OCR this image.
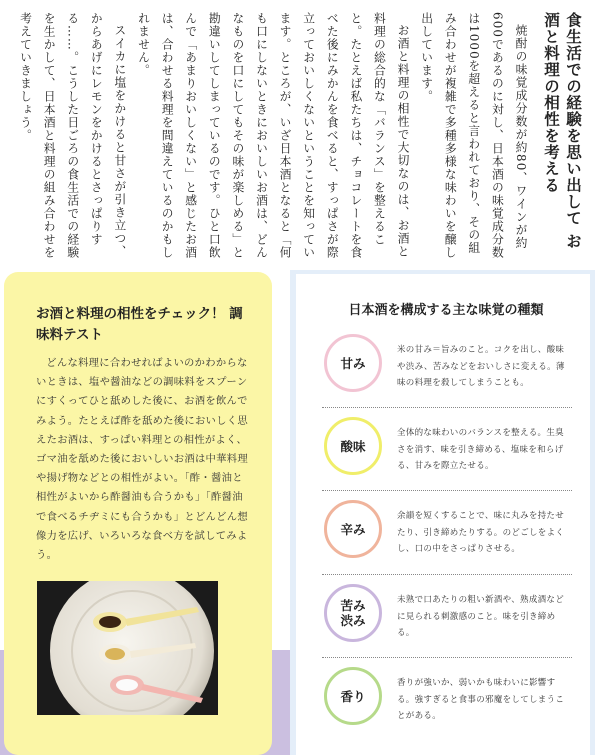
食生活での経験を思い出して お酒と料理の相性を考える

焼酎の味覚成分数が約80、ワインが約600であるのに対し、日本酒の味覚成分数は1000を超えると言われており、その組み合わせが複雑で多種多様な味わいを醸し出しています。

お酒と料理の相性で大切なのは、お酒と料理の総合的な「バランス」を整えること。たとえば私たちは、チョコレートを食べた後にみかんを食べると、すっぱさが際立っておいしくないということを知っています。ところが、いざ日本酒となると「何も口にしないときにおいしいお酒は、どんなものを口にしてもその味が楽しめる」と勘違いしてしまっているのです。ひと口飲んで「あまりおいしくない」と感じたお酒は、合わせる料理を間違えているのかもしれません。

スイカに塩をかけると甘さが引き立つ、からあげにレモンをかけるとさっぱりする……。こうした日ごろの食生活での経験を生かして、日本酒と料理の組み合わせを考えていきましょう。

お酒と料理の相性をチェック！ 調味料テスト

どんな料理に合わせればよいのかわからないときは、塩や醤油などの調味料をスプーンにすくってひと舐めした後に、お酒を飲んでみよう。たとえば酢を舐めた後においしく思えたお酒は、すっぱい料理との相性がよく、ゴマ油を舐めた後においしいお酒は中華料理や揚げ物などとの相性がよい。「酢・醤油と相性がよいから酢醤油も合うかも」「酢醤油で食べるチヂミにも合うかも」とどんどん想像力を広げ、いろいろな食べ方を試してみよう。

日本酒を構成する主な味覚の種類

甘み

米の甘み＝旨みのこと。コクを出し、酸味や渋み、苦みなどをおいしさに変える。薄味の料理を殺してしまうことも。

酸味

全体的な味わいのバランスを整える。生臭さを消す、味を引き締める、塩味を和らげる、甘みを際立たせる。

辛み

余韻を短くすることで、味に丸みを持たせたり、引き締めたりする。のどごしをよくし、口の中をさっぱりさせる。

苦み 渋み

未熟で口あたりの粗い新酒や、熟成酒などに見られる刺激感のこと。味を引き締める。

香り

香りが強いか、弱いかも味わいに影響する。強すぎると食事の邪魔をしてしまうことがある。
